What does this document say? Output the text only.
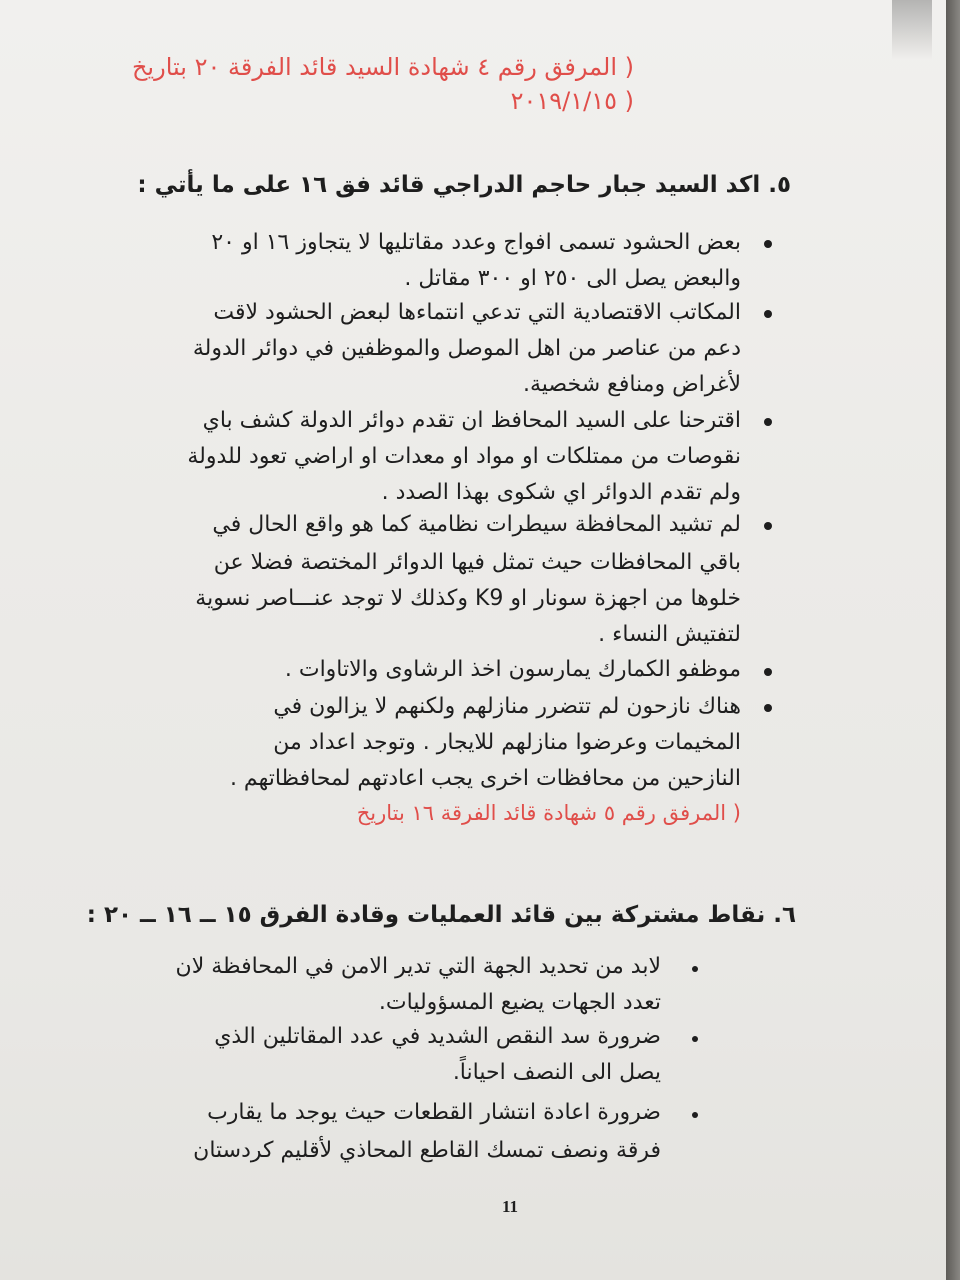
( المرفق رقم ٤ شهادة السيد قائد الفرقة ٢٠ بتاريخ
٢٠١٩/١/١٥ )
٥. اكد السيد جبار حاجم الدراجي قائد فق ١٦ على ما يأتي :
بعض الحشود تسمى افواج وعدد مقاتليها لا يتجاوز ١٦ او ٢٠
والبعض يصل الى ٢٥٠ او ٣٠٠ مقاتل .
المكاتب الاقتصادية التي تدعي انتماءها لبعض الحشود لاقت
دعم من عناصر من اهل الموصل والموظفين في دوائر الدولة
لأغراض ومنافع شخصية.
اقترحنا على السيد المحافظ ان تقدم دوائر الدولة كشف باي
نقوصات من ممتلكات او مواد او معدات او اراضي تعود للدولة
ولم تقدم الدوائر اي شكوى بهذا الصدد .
لم تشيد المحافظة سيطرات نظامية كما هو واقع الحال في
باقي المحافظات حيث تمثل فيها الدوائر المختصة فضلا عن
خلوها من اجهزة سونار او K9 وكذلك لا توجد عنـــاصر نسوية
لتفتيش النساء .
موظفو الكمارك يمارسون اخذ الرشاوى والاتاوات .
هناك نازحون لم تتضرر منازلهم ولكنهم لا يزالون في
المخيمات وعرضوا منازلهم للايجار . وتوجد اعداد من
النازحين من محافظات اخرى يجب اعادتهم لمحافظاتهم .
( المرفق رقم ٥ شهادة قائد الفرقة ١٦ بتاريخ
٦. نقاط مشتركة بين قائد العمليات وقادة الفرق ١٥ ــ ١٦ ــ ٢٠ :
لابد من تحديد الجهة التي تدير الامن في المحافظة لان
تعدد الجهات يضيع المسؤوليات.
ضرورة سد النقص الشديد في عدد المقاتلين الذي
يصل الى النصف احياناً.
ضرورة اعادة انتشار القطعات حيث يوجد ما يقارب
فرقة ونصف تمسك القاطع المحاذي لأقليم كردستان
11
